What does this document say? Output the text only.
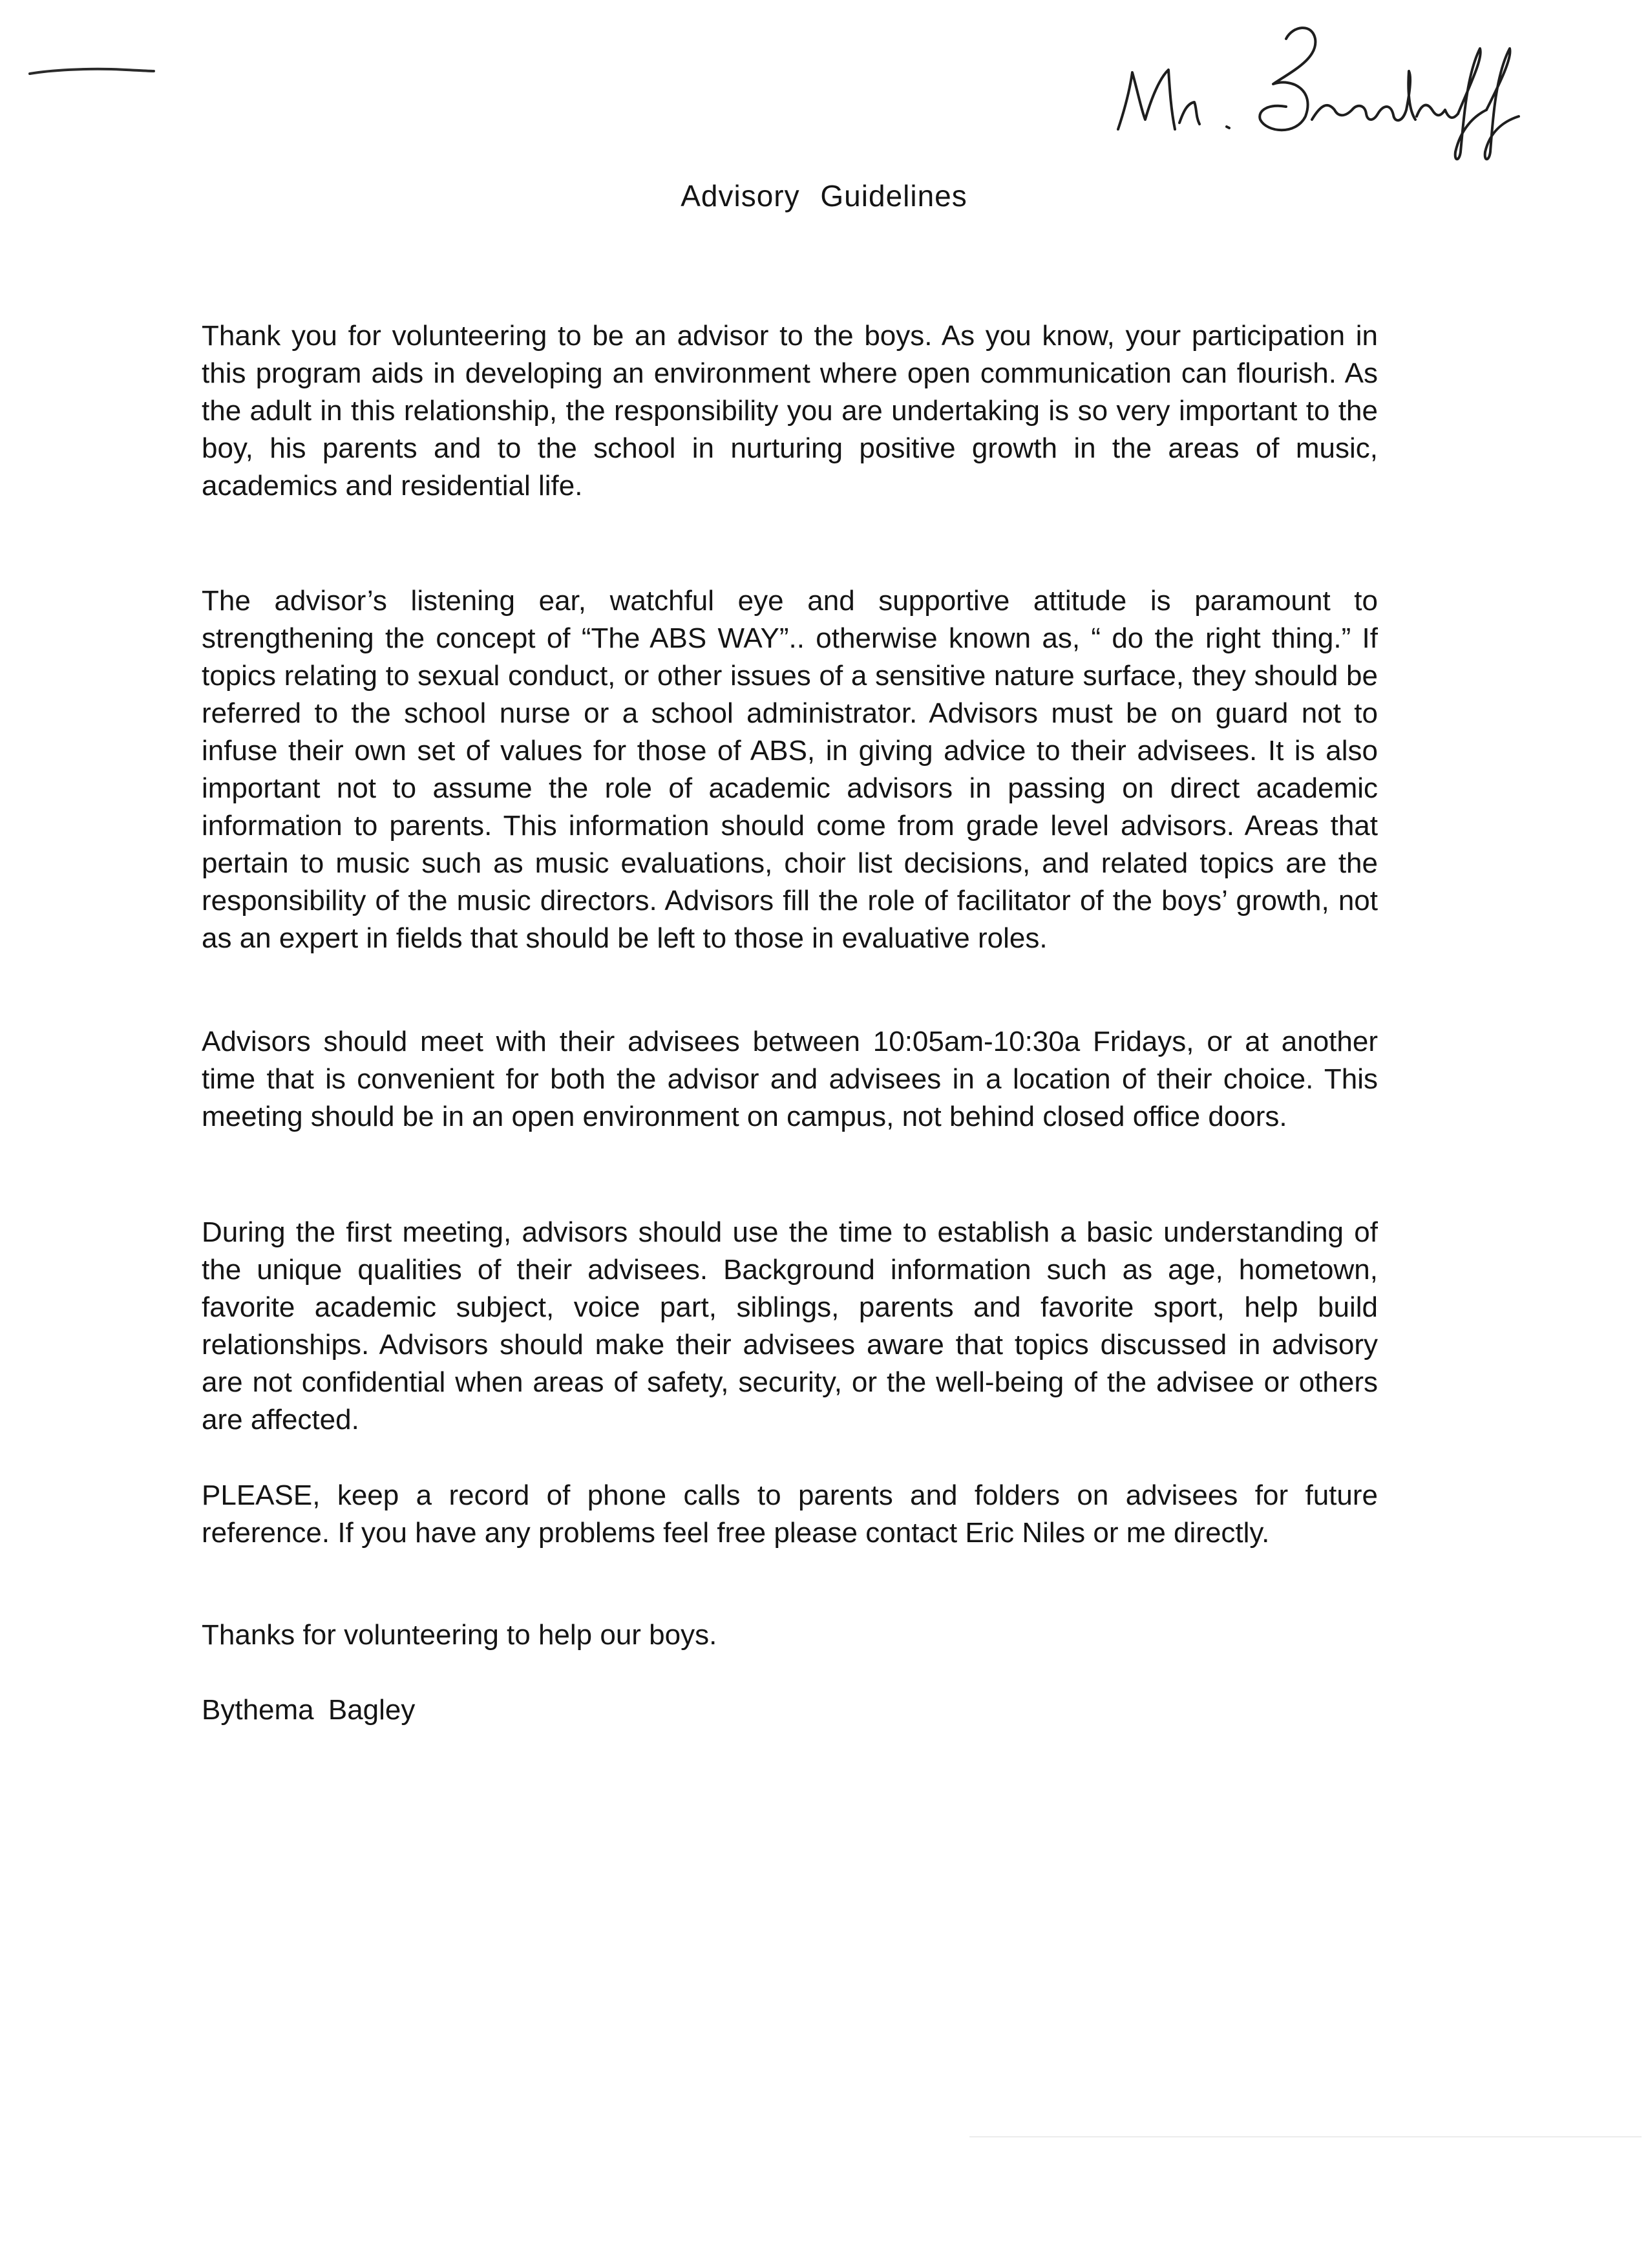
Advisory Guidelines

Thank you for volunteering to be an advisor to the boys. As you know, your participation in this program aids in developing an environment where open communication can flourish. As the adult in this relationship, the responsibility you are undertaking is so very important to the boy, his parents and to the school in nurturing positive growth in the areas of music, academics and residential life.

The advisor’s listening ear, watchful eye and supportive attitude is paramount to strengthening the concept of “The ABS WAY”.. otherwise known as, “ do the right thing.” If topics relating to sexual conduct, or other issues of a sensitive nature surface, they should be referred to the school nurse or a school administrator. Advisors must be on guard not to infuse their own set of values for those of ABS, in giving advice to their advisees. It is also important not to assume the role of academic advisors in passing on direct academic information to parents. This information should come from grade level advisors. Areas that pertain to music such as music evaluations, choir list decisions, and related topics are the responsibility of the music directors. Advisors fill the role of facilitator of the boys’ growth, not as an expert in fields that should be left to those in evaluative roles.

Advisors should meet with their advisees between 10:05am-10:30a Fridays, or at another time that is convenient for both the advisor and advisees in a location of their choice. This meeting should be in an open environment on campus, not behind closed office doors.

During the first meeting, advisors should use the time to establish a basic understanding of the unique qualities of their advisees. Background information such as age, hometown, favorite academic subject, voice part, siblings, parents and favorite sport, help build relationships. Advisors should make their advisees aware that topics discussed in advisory are not confidential when areas of safety, security, or the well-being of the advisee or others are affected.

PLEASE, keep a record of phone calls to parents and folders on advisees for future reference. If you have any problems feel free please contact Eric Niles or me directly.

Thanks for volunteering to help our boys.

Bythema Bagley
